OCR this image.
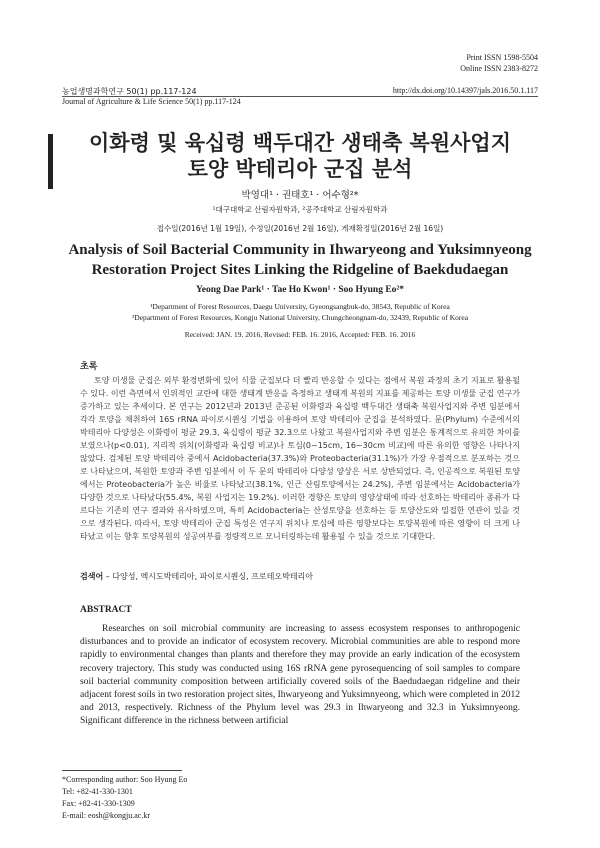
Print ISSN 1598-5504
Online ISSN 2383-8272
농업생명과학연구 50(1) pp.117-124	http://dx.doi.org/10.14397/jals.2016.50.1.117
Journal of Agriculture & Life Science 50(1) pp.117-124
이화령 및 육십령 백두대간 생태축 복원사업지
토양 박테리아 군집 분석
박영대¹ · 권태호¹ · 어수형²*
¹대구대학교 산림자원학과, ²공주대학교 산림자원학과
접수일(2016년 1월 19일), 수정일(2016년 2월 16일), 게재확정일(2016년 2월 16일)
Analysis of Soil Bacterial Community in Ihwaryeong and Yuksimnyeong Restoration Project Sites Linking the Ridgeline of Baekdudaegan
Yeong Dae Park¹ · Tae Ho Kwon¹ · Soo Hyung Eo²*
¹Department of Forest Resources, Daegu University, Gyeongsangbuk-do, 38543, Republic of Korea
²Department of Forest Resources, Kongju National University, Chungcheongnam-do, 32439, Republic of Korea
Received: JAN. 19. 2016, Revised: FEB. 16. 2016, Accepted: FEB. 16. 2016
초록
토양 미생물 군집은 외부 환경변화에 있어 식물 군집보다 더 빨리 반응할 수 있다는 점에서 복원 과정의 초기 지표로 활용될 수 있다. 이런 측면에서 인위적인 교란에 대한 생태계 반응을 측정하고 생태계 복원의 지표를 제공하는 토양 미생물 군집 연구가 증가하고 있는 추세이다. 본 연구는 2012년과 2013년 준공된 이화령과 육십령 백두대간 생태축 복원사업지와 주변 임분에서 각각 토양을 채취하여 16S rRNA 파이로시퀀싱 기법을 이용하여 토양 박테리아 군집을 분석하였다. 문(Phylum) 수준에서의 박테리아 다양성은 이화령이 평균 29.3, 육십령이 평균 32.3으로 나왔고 복원사업지와 주변 임분은 통계적으로 유의한 차이를 보였으나(p<0.01), 지리적 위치(이화령과 육십령 비교)나 토심(0~15cm, 16~30cm 비교)에 따른 유의한 영향은 나타나지 않았다. 검체된 토양 박테리아 중에서 Acidobacteria(37.3%)와 Proteobacteria(31.1%)가 가장 우점적으로 분포하는 것으로 나타났으며, 복원한 토양과 주변 임분에서 이 두 문의 박테리아 다양성 양상은 서로 상반되었다. 즉, 인공적으로 복원된 토양에서는 Proteobacteria가 높은 비율로 나타났고(38.1%, 인근 산림토양에서는 24.2%), 주변 임분에서는 Acidobacteria가 다양한 것으로 나타났다(55.4%, 복원 사업지는 19.2%). 이러한 경향은 토양의 영양상태에 따라 선호하는 박테리아 종류가 다르다는 기존의 연구 결과와 유사하였으며, 특히 Acidobacteria는 산성토양을 선호하는 등 토양산도와 밀접한 연관이 있을 것으로 생각된다. 따라서, 토양 박테리아 군집 특성은 연구지 위치나 토심에 따른 영향보다는 토양복원에 따른 영향이 더 크게 나타났고 이는 향후 토양복원의 성공여부를 정량적으로 모니터링하는데 활용될 수 있을 것으로 기대한다.
검색어 – 다양성, 엑시도박테리아, 파이로시퀀싱, 프로테오박테리아
ABSTRACT
Researches on soil microbial community are increasing to assess ecosystem responses to anthropogenic disturbances and to provide an indicator of ecosystem recovery. Microbial communities are able to respond more rapidly to environmental changes than plants and therefore they may provide an early indication of the ecosystem recovery trajectory. This study was conducted using 16S rRNA gene pyrosequencing of soil samples to compare soil bacterial community composition between artificially covered soils of the Baedudaegan ridgeline and their adjacent forest soils in two restoration project sites, Ihwaryeong and Yuksimnyeong, which were completed in 2012 and 2013, respectively. Richness of the Phylum level was 29.3 in Ihwaryeong and 32.3 in Yuksimnyeong. Significant difference in the richness between artificial
*Corresponding author: Soo Hyung Eo
Tel: +82-41-330-1301
Fax: +82-41-330-1309
E-mail: eosh@kongju.ac.kr
